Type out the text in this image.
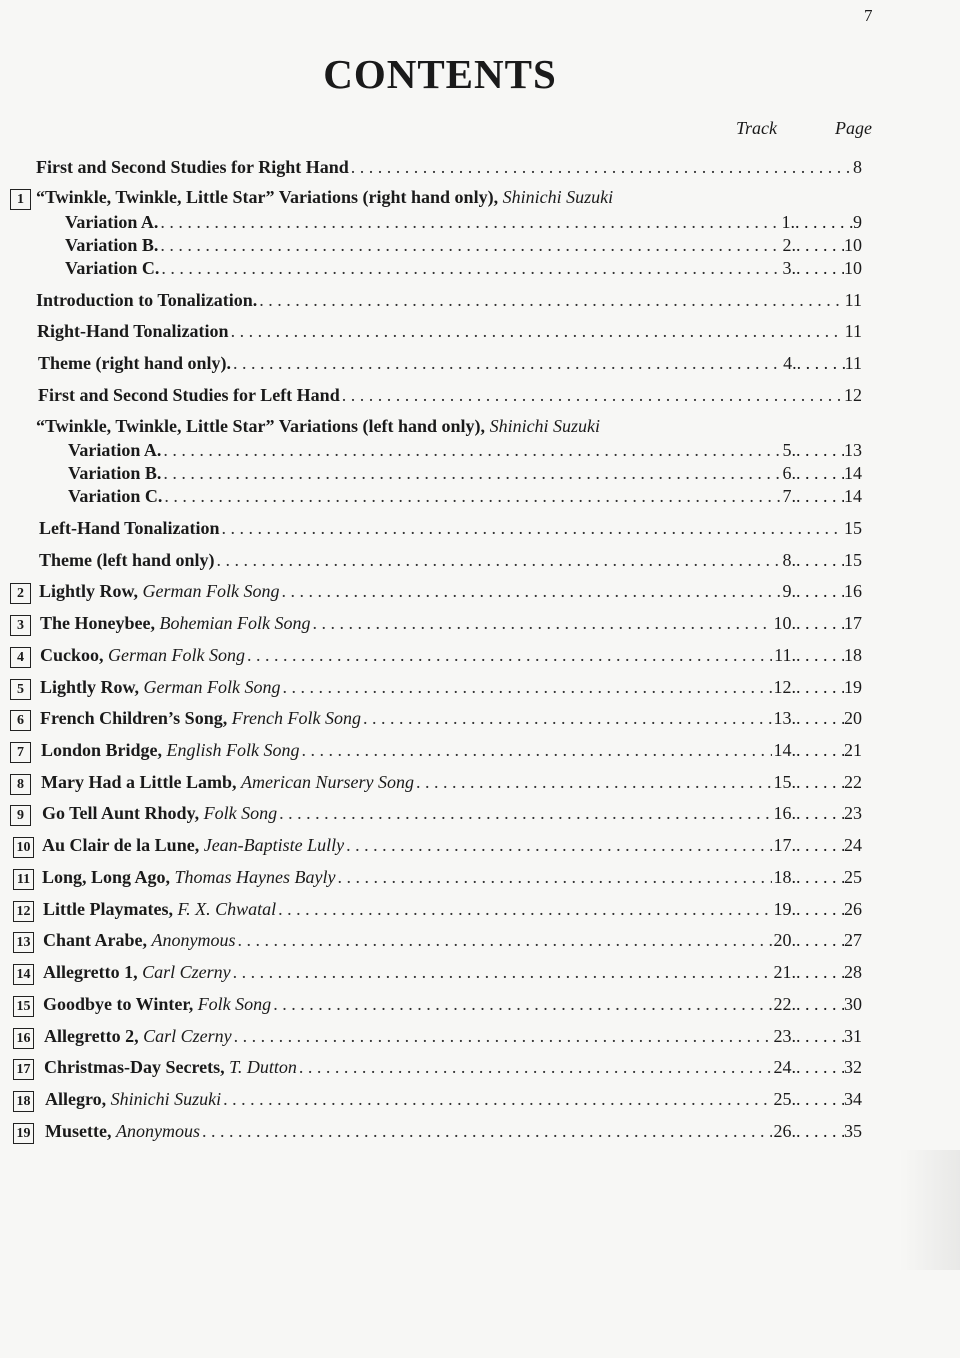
7
CONTENTS
Track	Page
First and Second Studies for Right Hand . . .	8
1 “Twinkle, Twinkle, Little Star” Variations (right hand only), Shinichi Suzuki
Variation A. . . .	1. . . .	9
Variation B. . . .	2. . . .	10
Variation C. . . .	3. . . .	10
Introduction to Tonalization. . . .	11
Right-Hand Tonalization . . .	11
Theme (right hand only). . . .	4. . . .	11
First and Second Studies for Left Hand . . .	12
“Twinkle, Twinkle, Little Star” Variations (left hand only), Shinichi Suzuki
Variation A. . . .	5. . . .	13
Variation B. . . .	6. . . .	14
Variation C. . . .	7. . . .	14
Left-Hand Tonalization . . .	15
Theme (left hand only) . . .	8. . . .	15
2 Lightly Row, German Folk Song . . .	9. . . .	16
3 The Honeybee, Bohemian Folk Song . . .	10. . . .	17
4 Cuckoo, German Folk Song . . .	11. . . .	18
5 Lightly Row, German Folk Song . . .	12. . . .	19
6 French Children’s Song, French Folk Song . . .	13. . . .	20
7 London Bridge, English Folk Song . . .	14. . . .	21
8 Mary Had a Little Lamb, American Nursery Song . . .	15. . . .	22
9	Go Tell Aunt Rhody, Folk Song . . .	16. . . .	23
10 Au Clair de la Lune, Jean-Baptiste Lully . . .	17. . . .	24
11 Long, Long Ago, Thomas Haynes Bayly . . .	18. . . .	25
12 Little Playmates, F. X. Chwatal . . .	19. . . .	26
13 Chant Arabe, Anonymous . . .	20. . . .	27
14 Allegretto 1, Carl Czerny . . .	21. . . .	28
15 Goodbye to Winter, Folk Song . . .	22. . . .	30
16 Allegretto 2, Carl Czerny . . .	23. . . .	31
17 Christmas-Day Secrets, T. Dutton . . .	24. . . .	32
18 Allegro, Shinichi Suzuki . . .	25. . . .	34
19 Musette, Anonymous . . .	26. . . .	35
